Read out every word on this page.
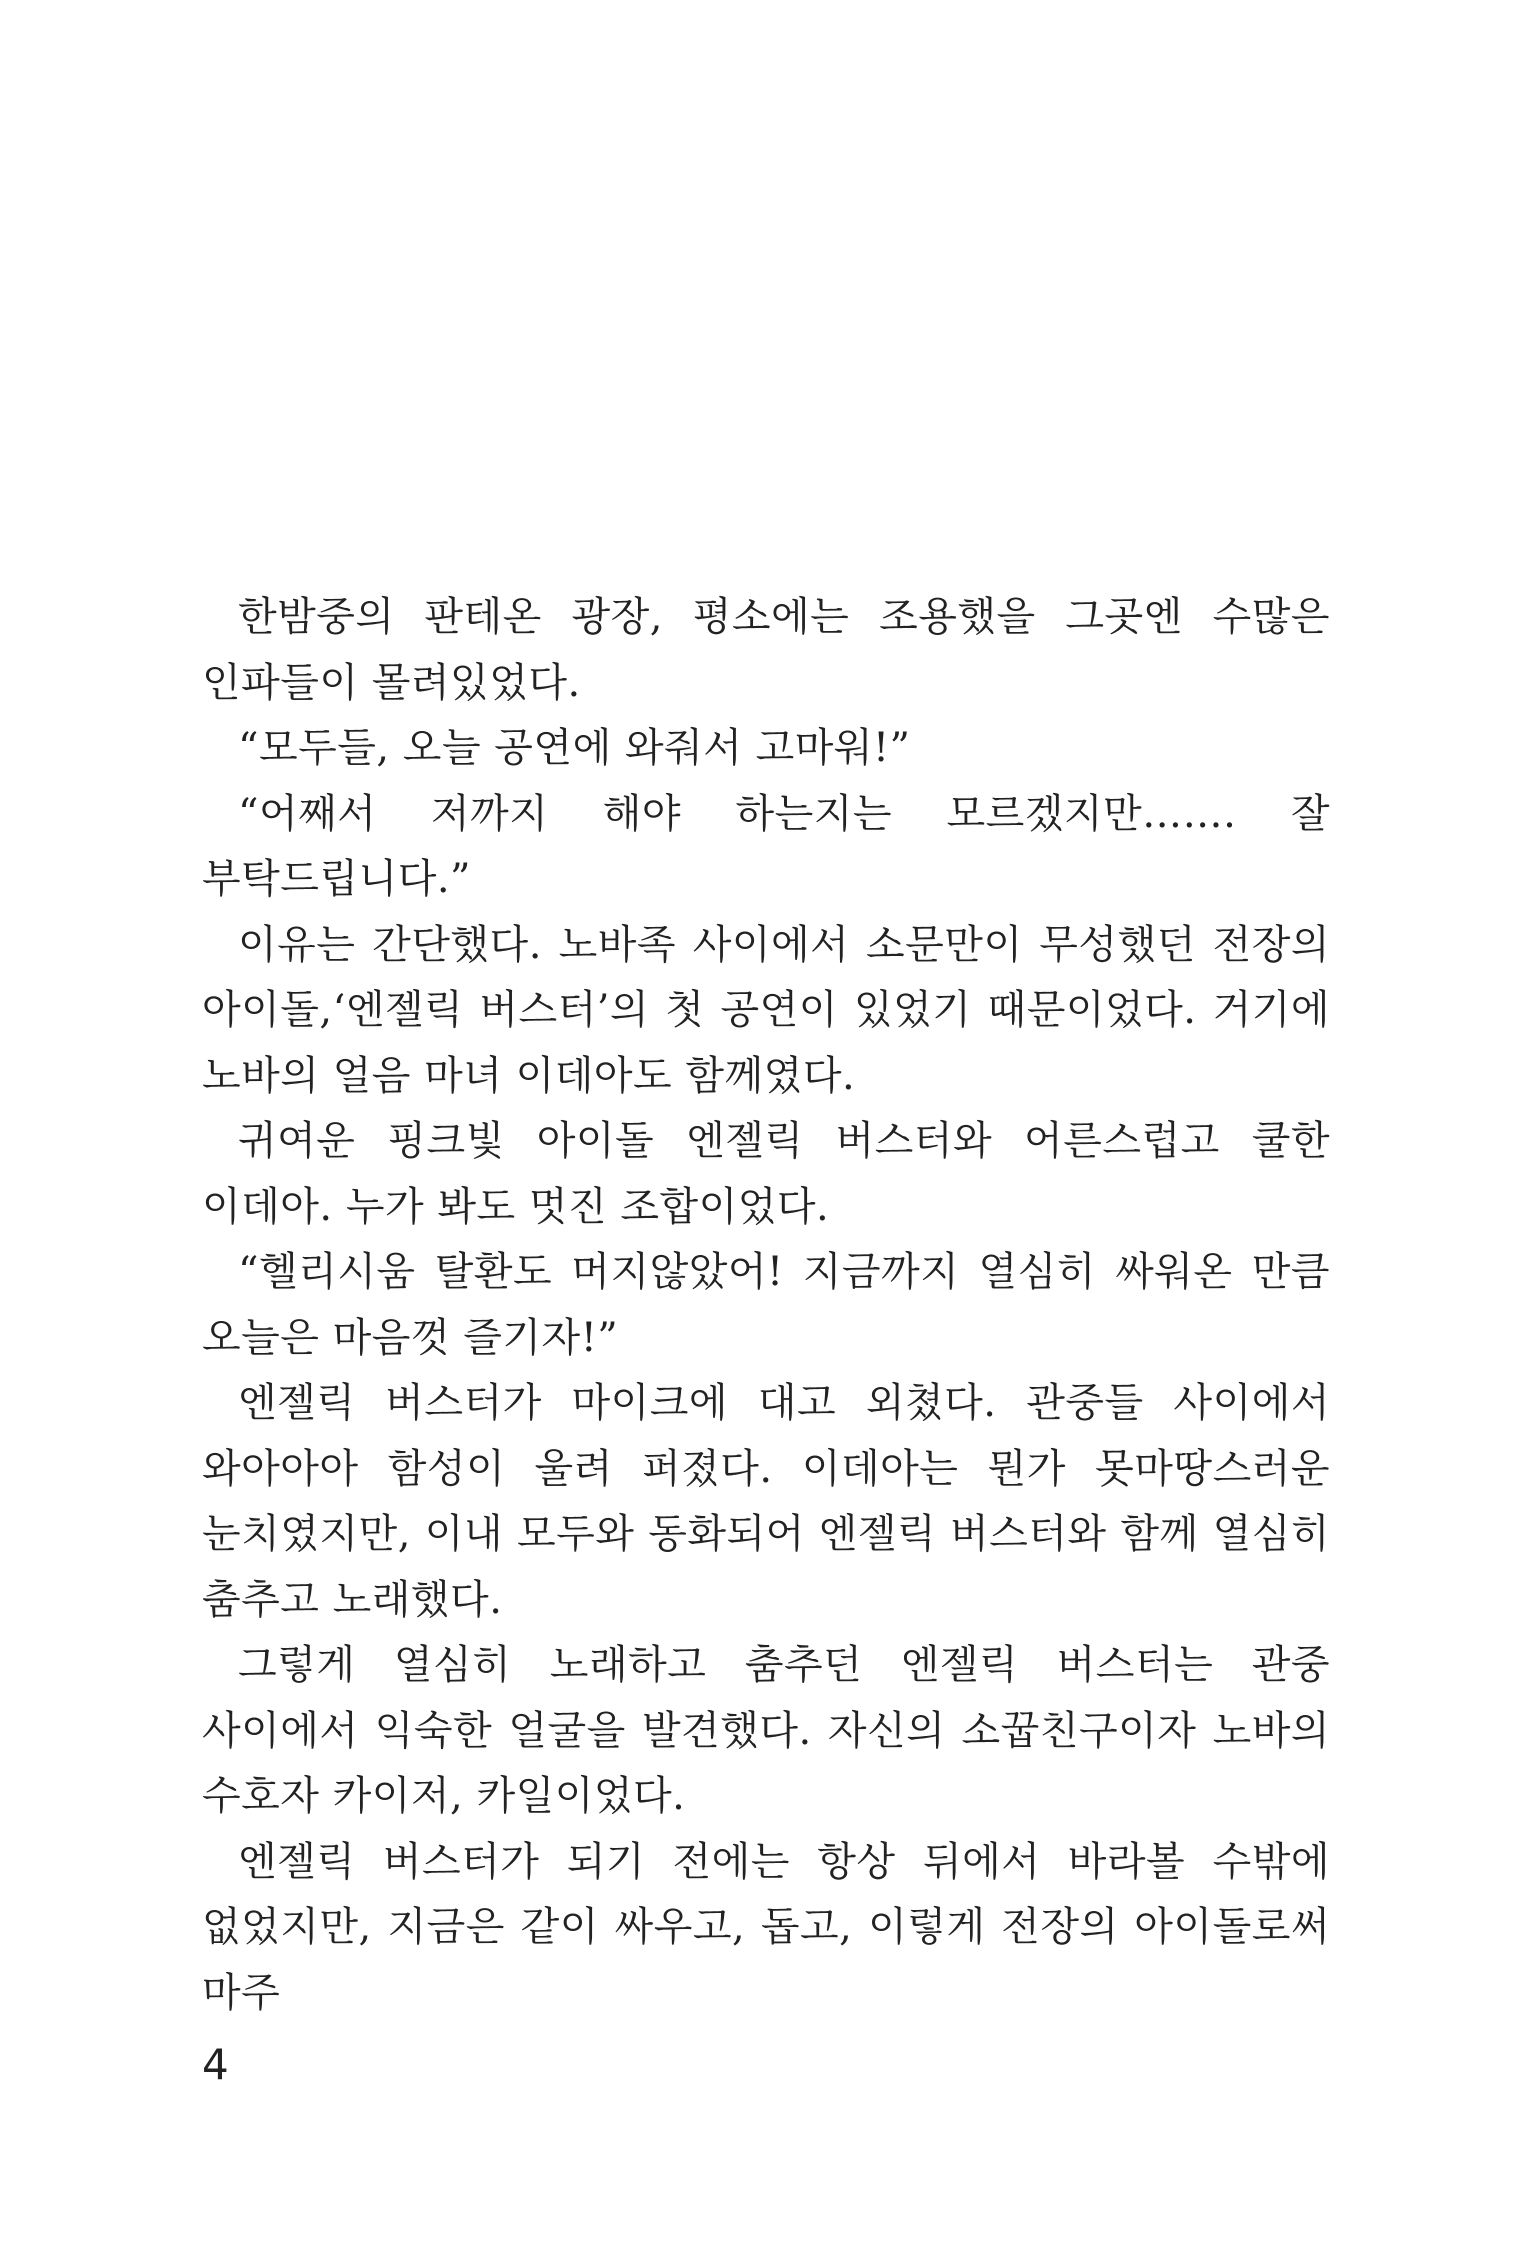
한밤중의 판테온 광장, 평소에는 조용했을 그곳엔 수많은 인파들이 몰려있었다.

“모두들, 오늘 공연에 와줘서 고마워!”

“어째서 저까지 해야 하는지는 모르겠지만……. 잘 부탁드립니다.”

이유는 간단했다. 노바족 사이에서 소문만이 무성했던 전장의 아이돌,‘엔젤릭 버스터’의 첫 공연이 있었기 때문이었다. 거기에 노바의 얼음 마녀 이데아도 함께였다.

귀여운 핑크빛 아이돌 엔젤릭 버스터와 어른스럽고 쿨한 이데아. 누가 봐도 멋진 조합이었다.

“헬리시움 탈환도 머지않았어! 지금까지 열심히 싸워온 만큼 오늘은 마음껏 즐기자!”

엔젤릭 버스터가 마이크에 대고 외쳤다. 관중들 사이에서 와아아아 함성이 울려 퍼졌다. 이데아는 뭔가 못마땅스러운 눈치였지만, 이내 모두와 동화되어 엔젤릭 버스터와 함께 열심히 춤추고 노래했다.

그렇게 열심히 노래하고 춤추던 엔젤릭 버스터는 관중 사이에서 익숙한 얼굴을 발견했다. 자신의 소꿉친구이자 노바의 수호자 카이저, 카일이었다.

엔젤릭 버스터가 되기 전에는 항상 뒤에서 바라볼 수밖에 없었지만, 지금은 같이 싸우고, 돕고, 이렇게 전장의 아이돌로써 마주

4
